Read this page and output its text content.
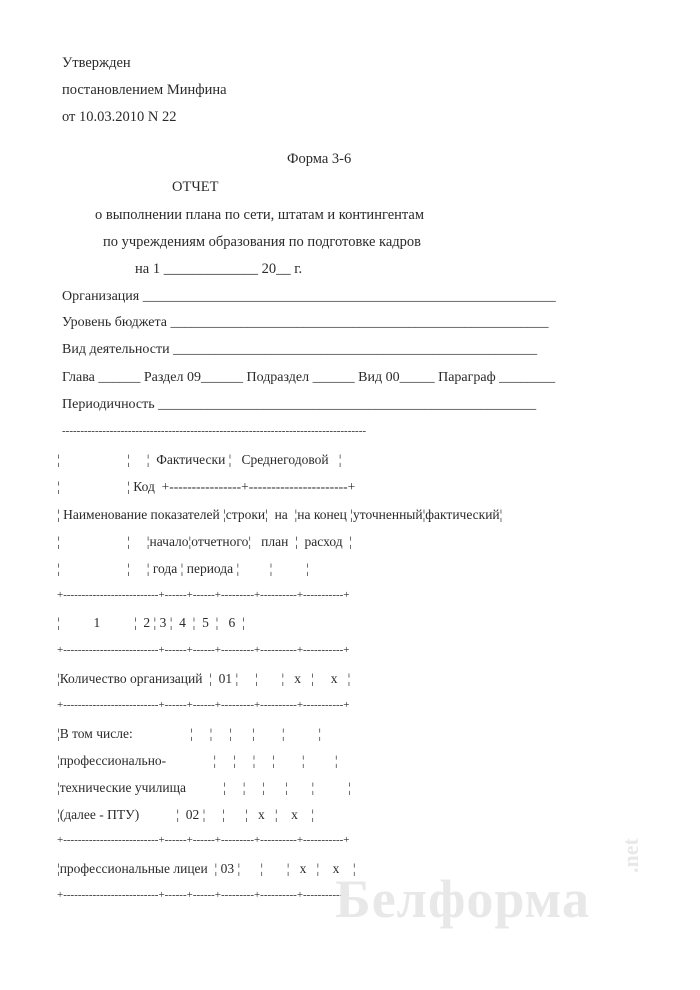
Утвержден
постановлением Минфина
от 10.03.2010 N 22
Форма 3-6
ОТЧЕТ
о выполнении плана по сети, штатам и контингентам
по учреждениям образования по подготовке кадров
на 1 _____________ 20__ г.
Организация ___________________________________________________________
Уровень бюджета ______________________________________________________
Вид деятельности ____________________________________________________
Глава ______ Раздел 09______ Подраздел ______ Вид 00_____ Параграф ________
Периодичность ______________________________________________________
-----------------------------------------------------------------------------------
¦                    ¦     ¦  Фактически ¦   Среднегодовой   ¦
¦                    ¦ Код  +----------------+----------------------+
¦ Наименование показателей ¦строки¦  на  ¦на конец ¦уточненный¦фактический¦
¦                    ¦     ¦начало¦отчетного¦   план  ¦  расход  ¦
¦                    ¦     ¦ года ¦ периода ¦         ¦          ¦
+--------------------------+------+------+---------+----------+-----------+
¦          1          ¦  2 ¦ 3 ¦  4  ¦  5  ¦   6  ¦
+--------------------------+------+------+---------+----------+-----------+
¦Количество организаций  ¦  01 ¦     ¦       ¦   x   ¦     x   ¦
+--------------------------+------+------+---------+----------+-----------+
¦В том числе:                 ¦     ¦     ¦      ¦        ¦          ¦
¦профессионально-              ¦     ¦     ¦     ¦        ¦         ¦
¦технические училища           ¦     ¦     ¦      ¦       ¦          ¦
¦(далее - ПТУ)           ¦  02 ¦     ¦      ¦   x   ¦    x    ¦
+--------------------------+------+------+---------+----------+-----------+
¦профессиональные лицеи  ¦ 03 ¦      ¦       ¦   x   ¦    x    ¦
+--------------------------+------+------+---------+----------+-----------+
Белформа
.net
